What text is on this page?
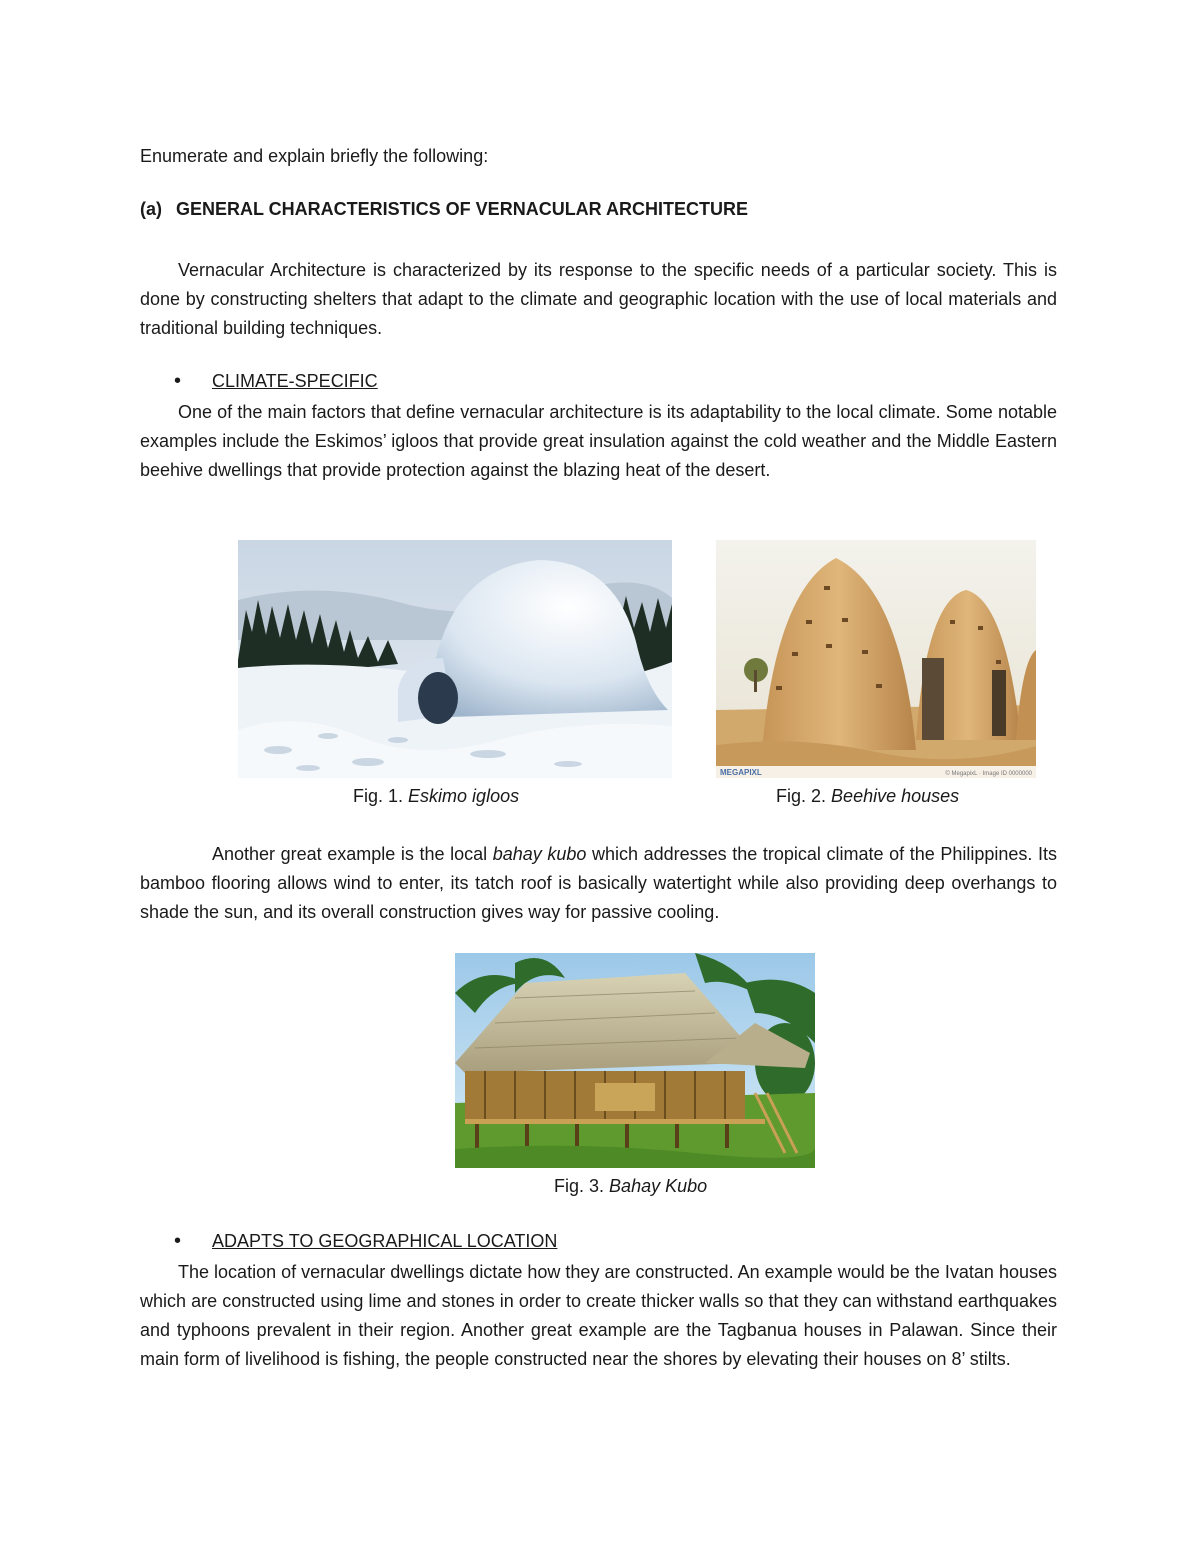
Enumerate and explain briefly the following:
(a) GENERAL CHARACTERISTICS OF VERNACULAR ARCHITECTURE
Vernacular Architecture is characterized by its response to the specific needs of a particular society. This is done by constructing shelters that adapt to the climate and geographic location with the use of local materials and traditional building techniques.
• CLIMATE-SPECIFIC
One of the main factors that define vernacular architecture is its adaptability to the local climate. Some notable examples include the Eskimos’ igloos that provide great insulation against the cold weather and the Middle Eastern beehive dwellings that provide protection against the blazing heat of the desert.
MEGAPIXL	© MegapixL · Image ID 0000000
Fig. 1. Eskimo igloos	Fig. 2. Beehive houses
Another great example is the local bahay kubo which addresses the tropical climate of the Philippines. Its bamboo flooring allows wind to enter, its tatch roof is basically watertight while also providing deep overhangs to shade the sun, and its overall construction gives way for passive cooling.
Fig. 3. Bahay Kubo
• ADAPTS TO GEOGRAPHICAL LOCATION
The location of vernacular dwellings dictate how they are constructed. An example would be the Ivatan houses which are constructed using lime and stones in order to create thicker walls so that they can withstand earthquakes and typhoons prevalent in their region. Another great example are the Tagbanua houses in Palawan. Since their main form of livelihood is fishing, the people constructed near the shores by elevating their houses on 8’ stilts.
